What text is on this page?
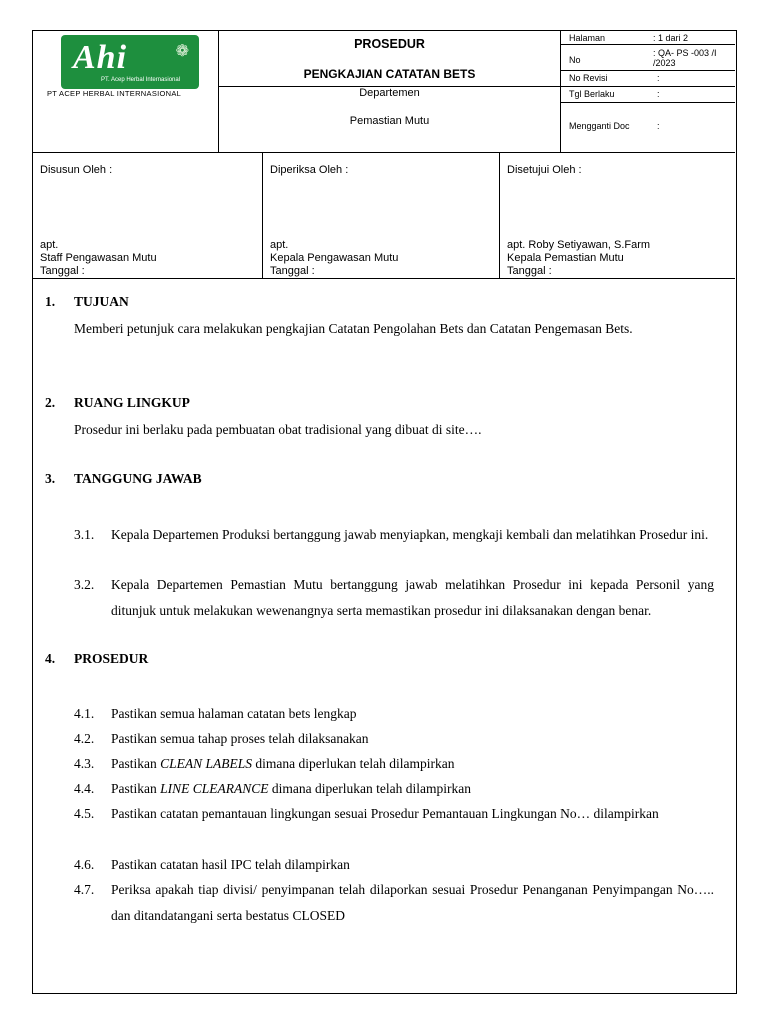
Ahi	❁
PT. Acep Herbal Internasional
PT ACEP HERBAL INTERNASIONAL
PROSEDUR
PENGKAJIAN CATATAN BETS
Departemen
Pemastian Mutu
Halaman	: 1 dari 2
No
: QA- PS -003 /I /2023
No Revisi	:
Tgl Berlaku	:
Mengganti Doc	:
Disusun Oleh :
apt.
Staff Pengawasan Mutu
Tanggal :
Diperiksa Oleh :
apt.
Kepala Pengawasan Mutu
Tanggal :
Disetujui Oleh :
apt. Roby Setiyawan, S.Farm
Kepala Pemastian Mutu
Tanggal :
1. TUJUAN
Memberi petunjuk cara melakukan pengkajian Catatan Pengolahan Bets dan Catatan Pengemasan Bets.
2. RUANG LINGKUP
Prosedur ini berlaku pada pembuatan obat tradisional yang dibuat di site….
3. TANGGUNG JAWAB
3.1. Kepala Departemen Produksi bertanggung jawab menyiapkan, mengkaji kembali dan melatihkan Prosedur ini.
3.2. Kepala Departemen Pemastian Mutu bertanggung jawab melatihkan Prosedur ini kepada Personil yang ditunjuk untuk melakukan wewenangnya serta memastikan prosedur ini dilaksanakan dengan benar.
4. PROSEDUR
4.1. Pastikan semua halaman catatan bets lengkap
4.2. Pastikan semua tahap proses telah dilaksanakan
4.3. Pastikan CLEAN LABELS dimana diperlukan telah dilampirkan
4.4. Pastikan LINE CLEARANCE dimana diperlukan telah dilampirkan
4.5. Pastikan catatan pemantauan lingkungan sesuai Prosedur Pemantauan Lingkungan No… dilampirkan
4.6. Pastikan catatan hasil IPC telah dilampirkan
4.7. Periksa apakah tiap divisi/ penyimpanan telah dilaporkan sesuai Prosedur Penanganan Penyimpangan No….. dan ditandatangani serta bestatus CLOSED
